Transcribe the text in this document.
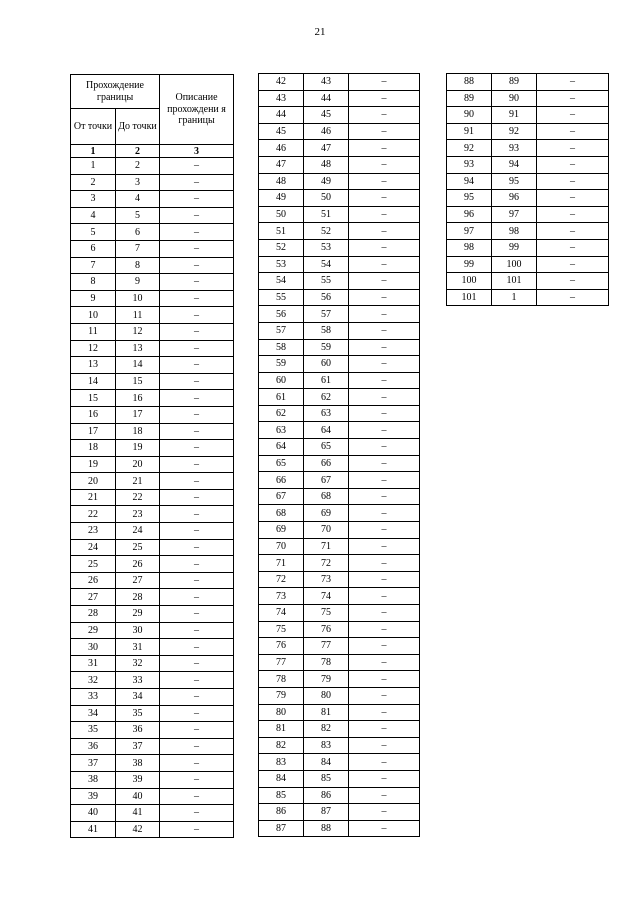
21
Прохождение границы		Описание прохождени я границы
От точки	До точки	
1	2	3
1	2	–
2	3	–
3	4	–
4	5	–
5	6	–
6	7	–
7	8	–
8	9	–
9	10	–
10	11	–
11	12	–
12	13	–
13	14	–
14	15	–
15	16	–
16	17	–
17	18	–
18	19	–
19	20	–
20	21	–
21	22	–
22	23	–
23	24	–
24	25	–
25	26	–
26	27	–
27	28	–
28	29	–
29	30	–
30	31	–
31	32	–
32	33	–
33	34	–
34	35	–
35	36	–
36	37	–
37	38	–
38	39	–
39	40	–
40	41	–
41	42	–
42	43	–
43	44	–
44	45	–
45	46	–
46	47	–
47	48	–
48	49	–
49	50	–
50	51	–
51	52	–
52	53	–
53	54	–
54	55	–
55	56	–
56	57	–
57	58	–
58	59	–
59	60	–
60	61	–
61	62	–
62	63	–
63	64	–
64	65	–
65	66	–
66	67	–
67	68	–
68	69	–
69	70	–
70	71	–
71	72	–
72	73	–
73	74	–
74	75	–
75	76	–
76	77	–
77	78	–
78	79	–
79	80	–
80	81	–
81	82	–
82	83	–
83	84	–
84	85	–
85	86	–
86	87	–
87	88	–
88	89	–
89	90	–
90	91	–
91	92	–
92	93	–
93	94	–
94	95	–
95	96	–
96	97	–
97	98	–
98	99	–
99	100	–
100	101	–
101	1	–
